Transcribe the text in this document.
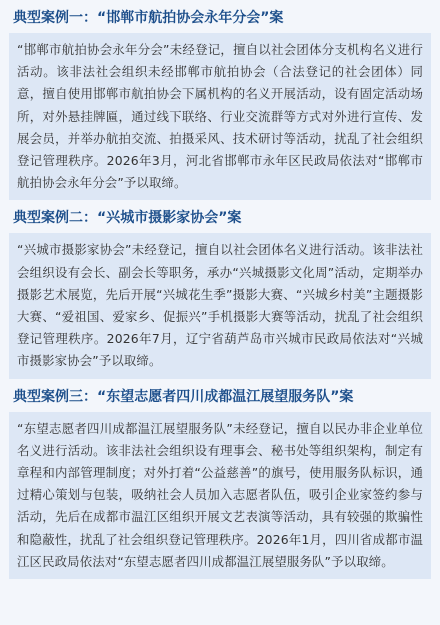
典型案例一：“邯郸市航拍协会永年分会”案

“邯郸市航拍协会永年分会”未经登记，擅自以社会团体分支机构名义进行活动。该非法社会组织未经邯郸市航拍协会（合法登记的社会团体）同意，擅自使用邯郸市航拍协会下属机构的名义开展活动，设有固定活动场所，对外悬挂牌匾，通过线下联络、行业交流群等方式对外进行宣传、发展会员，并举办航拍交流、拍摄采风、技术研讨等活动，扰乱了社会组织登记管理秩序。2026年3月，河北省邯郸市永年区民政局依法对“邯郸市航拍协会永年分会”予以取缔。

典型案例二：“兴城市摄影家协会”案

“兴城市摄影家协会”未经登记，擅自以社会团体名义进行活动。该非法社会组织设有会长、副会长等职务，承办“兴城摄影文化周”活动，定期举办摄影艺术展览，先后开展“兴城花生季”摄影大赛、“兴城乡村美”主题摄影大赛、“爱祖国、爱家乡、促振兴”手机摄影大赛等活动，扰乱了社会组织登记管理秩序。2026年7月，辽宁省葫芦岛市兴城市民政局依法对“兴城市摄影家协会”予以取缔。

典型案例三：“东望志愿者四川成都温江展望服务队”案

“东望志愿者四川成都温江展望服务队”未经登记，擅自以民办非企业单位名义进行活动。该非法社会组织设有理事会、秘书处等组织架构，制定有章程和内部管理制度；对外打着“公益慈善”的旗号，使用服务队标识，通过精心策划与包装，吸纳社会人员加入志愿者队伍，吸引企业家签约参与活动，先后在成都市温江区组织开展文艺表演等活动，具有较强的欺骗性和隐蔽性，扰乱了社会组织登记管理秩序。2026年1月，四川省成都市温江区民政局依法对“东望志愿者四川成都温江展望服务队”予以取缔。
